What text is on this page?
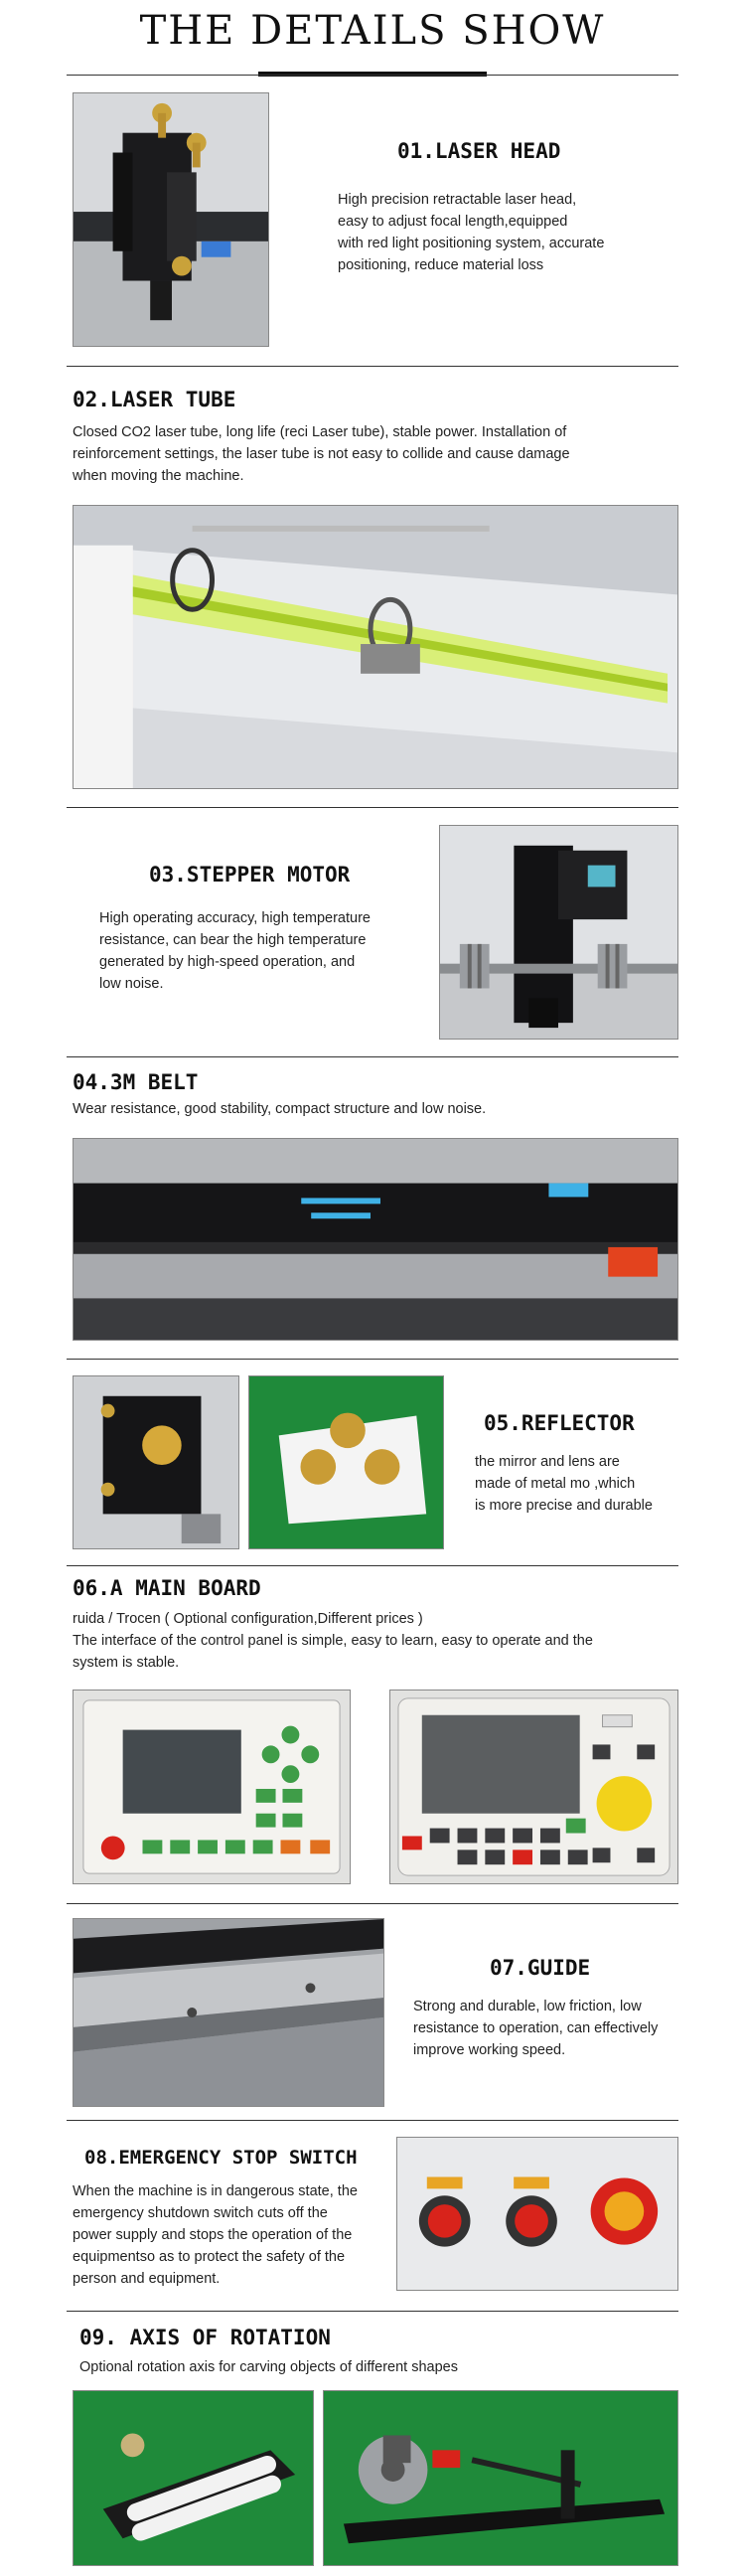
THE DETAILS SHOW
01.LASER HEAD
High precision retractable laser head,
easy to adjust focal length,equipped
with red light positioning system, accurate
positioning, reduce material loss
02.LASER TUBE
Closed CO2 laser tube, long life (reci Laser tube), stable power. Installation of
reinforcement settings, the laser tube is not easy to collide and cause damage
when moving the machine.
03.STEPPER MOTOR
High operating accuracy, high temperature
resistance, can bear the high temperature
generated by high-speed operation, and
low noise.
04.3M BELT
Wear resistance, good stability, compact structure and low noise.
05.REFLECTOR
the mirror and lens are
made of metal mo ,which
is more precise and durable
06.A MAIN BOARD
ruida / Trocen ( Optional configuration,Different prices )
The interface of the control panel is simple, easy to learn, easy to operate and the
system is stable.
07.GUIDE
Strong and durable, low friction, low
resistance to operation, can effectively
improve working speed.
08.EMERGENCY STOP SWITCH
When the machine is in dangerous state, the
emergency shutdown switch cuts off the
power supply and stops the operation of the
equipmentso as to protect the safety of the
person and equipment.
09. AXIS OF ROTATION
Optional rotation axis for carving objects of different shapes
